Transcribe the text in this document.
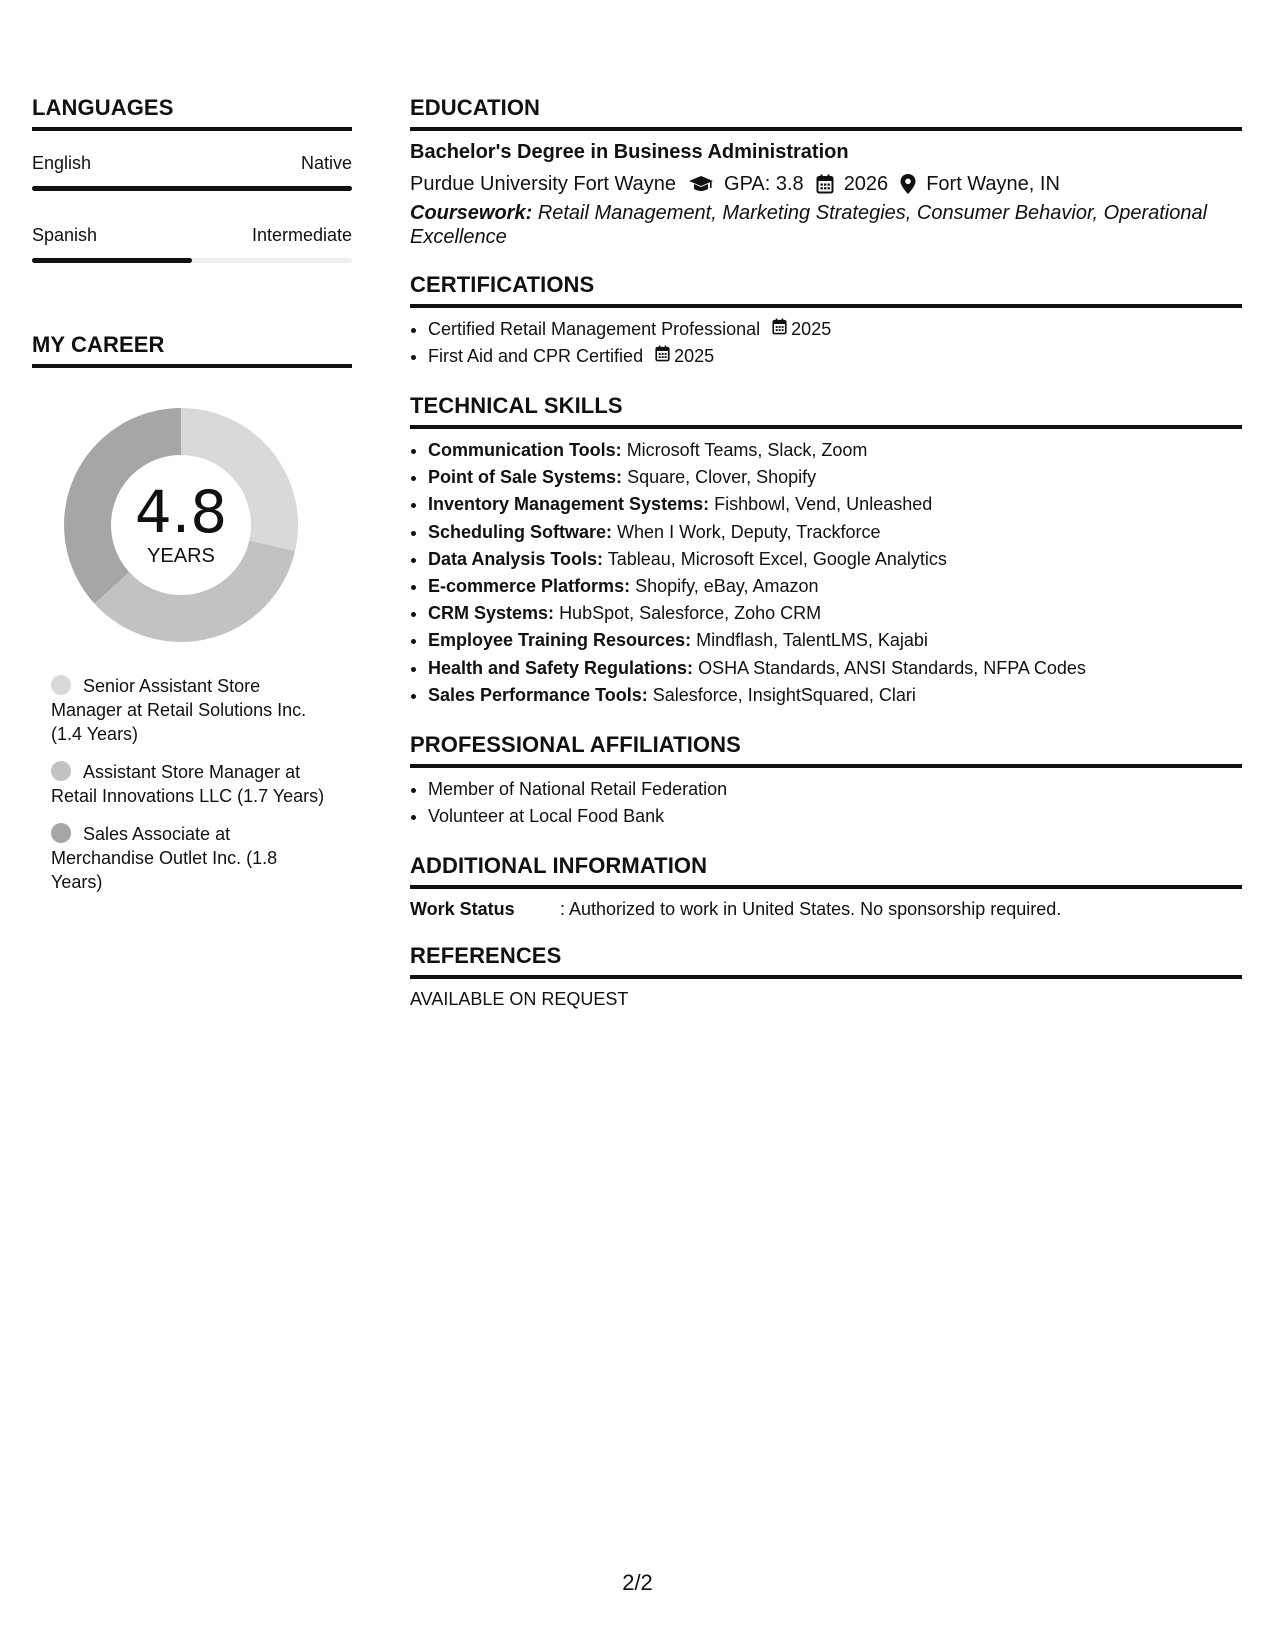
LANGUAGES
English	Native
Spanish	Intermediate
MY CAREER
4.8
YEARS
Senior Assistant Store Manager at Retail Solutions Inc. (1.4 Years)
Assistant Store Manager at Retail Innovations LLC (1.7 Years)
Sales Associate at Merchandise Outlet Inc. (1.8 Years)
EDUCATION
Bachelor's Degree in Business Administration
Purdue University Fort Wayne GPA: 3.8 2026 Fort Wayne, IN
Coursework: Retail Management, Marketing Strategies, Consumer Behavior, Operational Excellence
CERTIFICATIONS
• Certified Retail Management Professional 2025
• First Aid and CPR Certified 2025
TECHNICAL SKILLS
• Communication Tools: Microsoft Teams, Slack, Zoom
• Point of Sale Systems: Square, Clover, Shopify
• Inventory Management Systems: Fishbowl, Vend, Unleashed
• Scheduling Software: When I Work, Deputy, Trackforce
• Data Analysis Tools: Tableau, Microsoft Excel, Google Analytics
• E-commerce Platforms: Shopify, eBay, Amazon
• CRM Systems: HubSpot, Salesforce, Zoho CRM
• Employee Training Resources: Mindflash, TalentLMS, Kajabi
• Health and Safety Regulations: OSHA Standards, ANSI Standards, NFPA Codes
• Sales Performance Tools: Salesforce, InsightSquared, Clari
PROFESSIONAL AFFILIATIONS
• Member of National Retail Federation
• Volunteer at Local Food Bank
ADDITIONAL INFORMATION
Work Status	: Authorized to work in United States. No sponsorship required.
REFERENCES
AVAILABLE ON REQUEST
2/2
